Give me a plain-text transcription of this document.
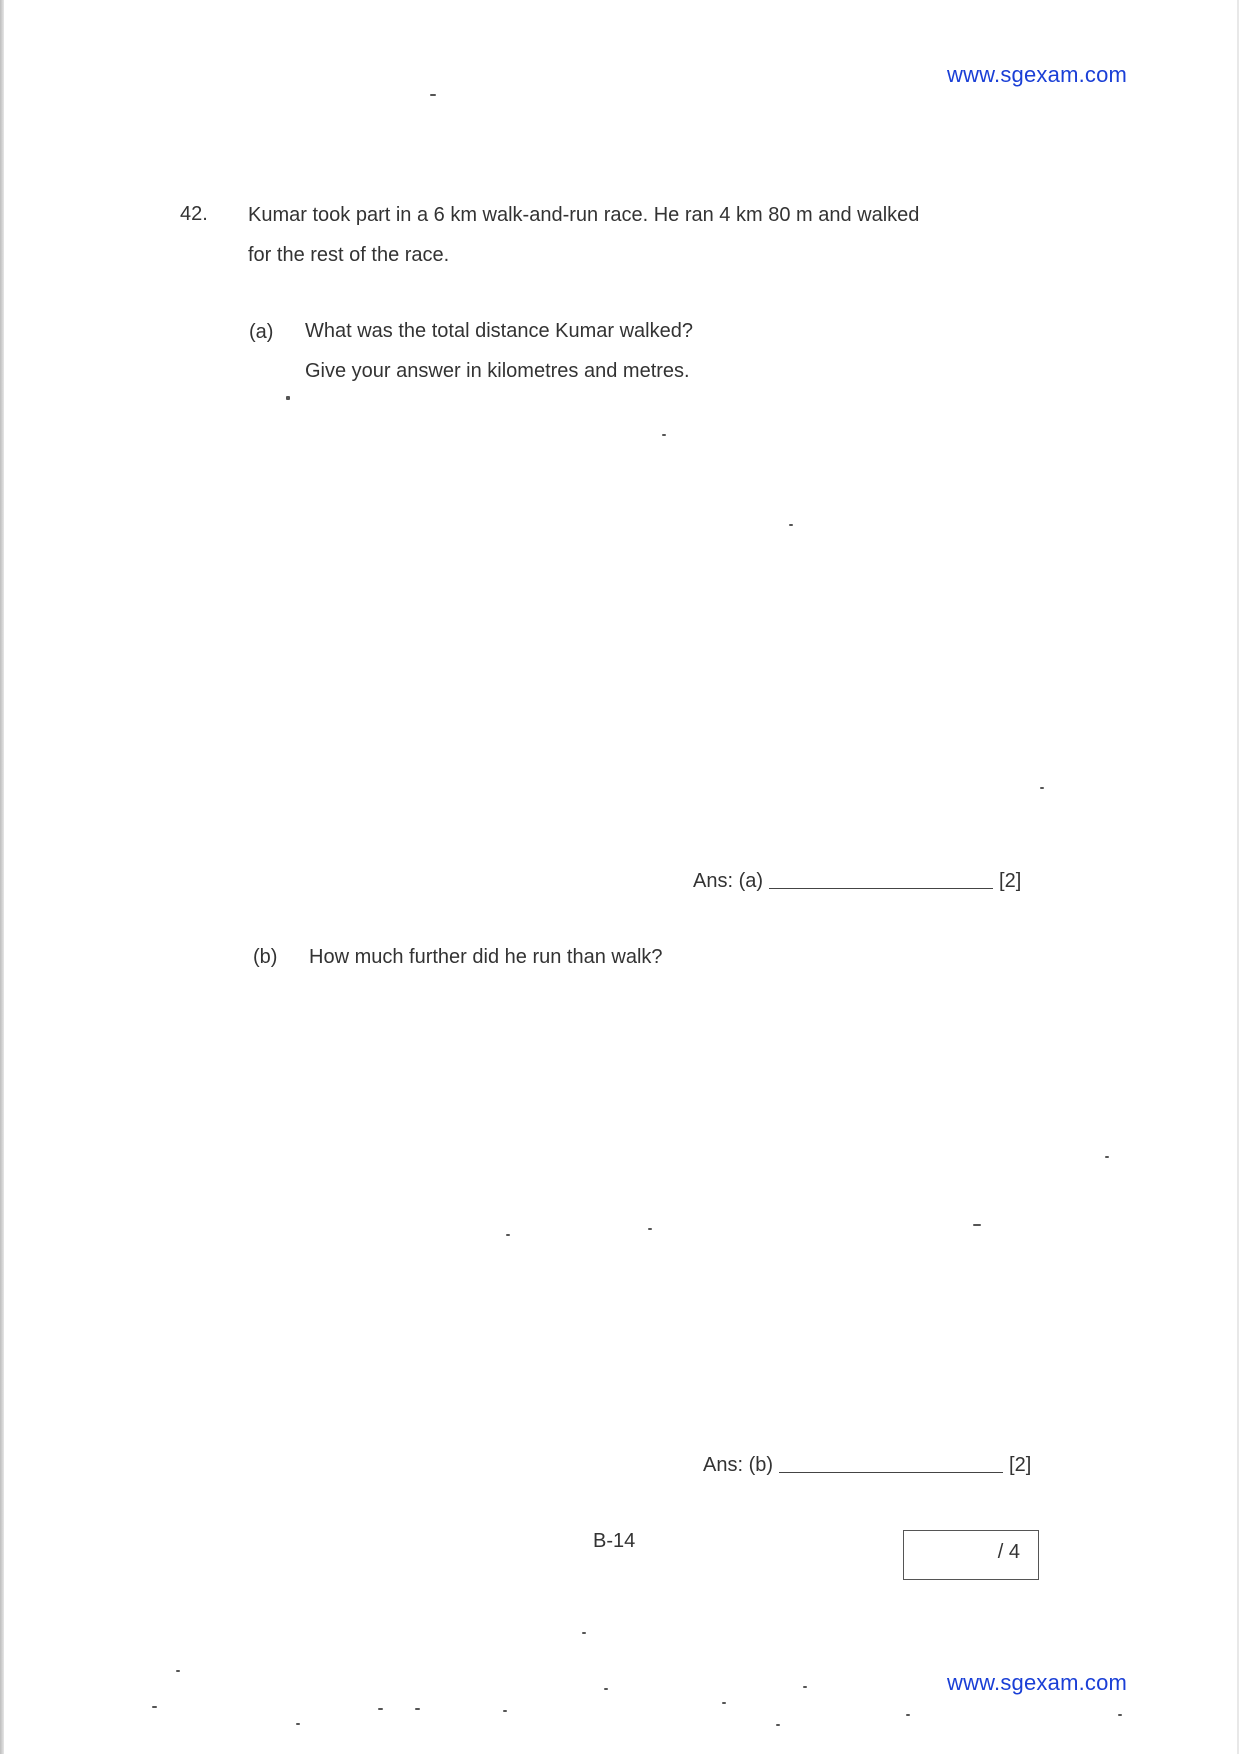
www.sgexam.com
42. Kumar took part in a 6 km walk-and-run race. He ran 4 km 80 m and walked
for the rest of the race.
(a) What was the total distance Kumar walked?
Give your answer in kilometres and metres.
Ans: (a)	[2]
(b) How much further did he run than walk?
Ans: (b)	[2]
B-14	/ 4
www.sgexam.com
